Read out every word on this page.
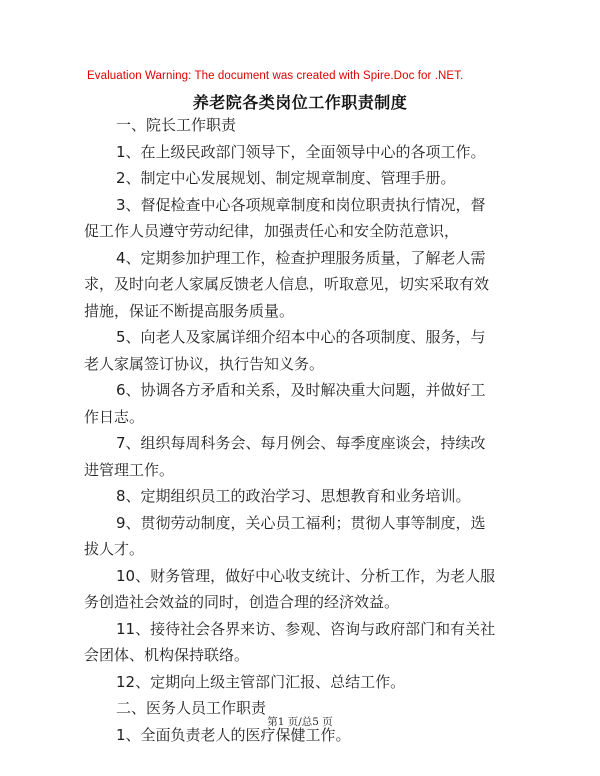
Evaluation Warning: The document was created with Spire.Doc for .NET.
养老院各类岗位工作职责制度
一、院长工作职责
1、在上级民政部门领导下，全面领导中心的各项工作。
2、制定中心发展规划、制定规章制度、管理手册。
3、督促检查中心各项规章制度和岗位职责执行情况，督
促工作人员遵守劳动纪律，加强责任心和安全防范意识，
4、定期参加护理工作，检查护理服务质量，了解老人需
求，及时向老人家属反馈老人信息，听取意见，切实采取有效
措施，保证不断提高服务质量。
5、向老人及家属详细介绍本中心的各项制度、服务，与
老人家属签订协议，执行告知义务。
6、协调各方矛盾和关系，及时解决重大问题，并做好工
作日志。
7、组织每周科务会、每月例会、每季度座谈会，持续改
进管理工作。
8、定期组织员工的政治学习、思想教育和业务培训。
9、贯彻劳动制度，关心员工福利；贯彻人事等制度，选
拔人才。
10、财务管理，做好中心收支统计、分析工作，为老人服
务创造社会效益的同时，创造合理的经济效益。
11、接待社会各界来访、参观、咨询与政府部门和有关社
会团体、机构保持联络。
12、定期向上级主管部门汇报、总结工作。
二、医务人员工作职责
1、全面负责老人的医疗保健工作。
第1 页/总5 页
